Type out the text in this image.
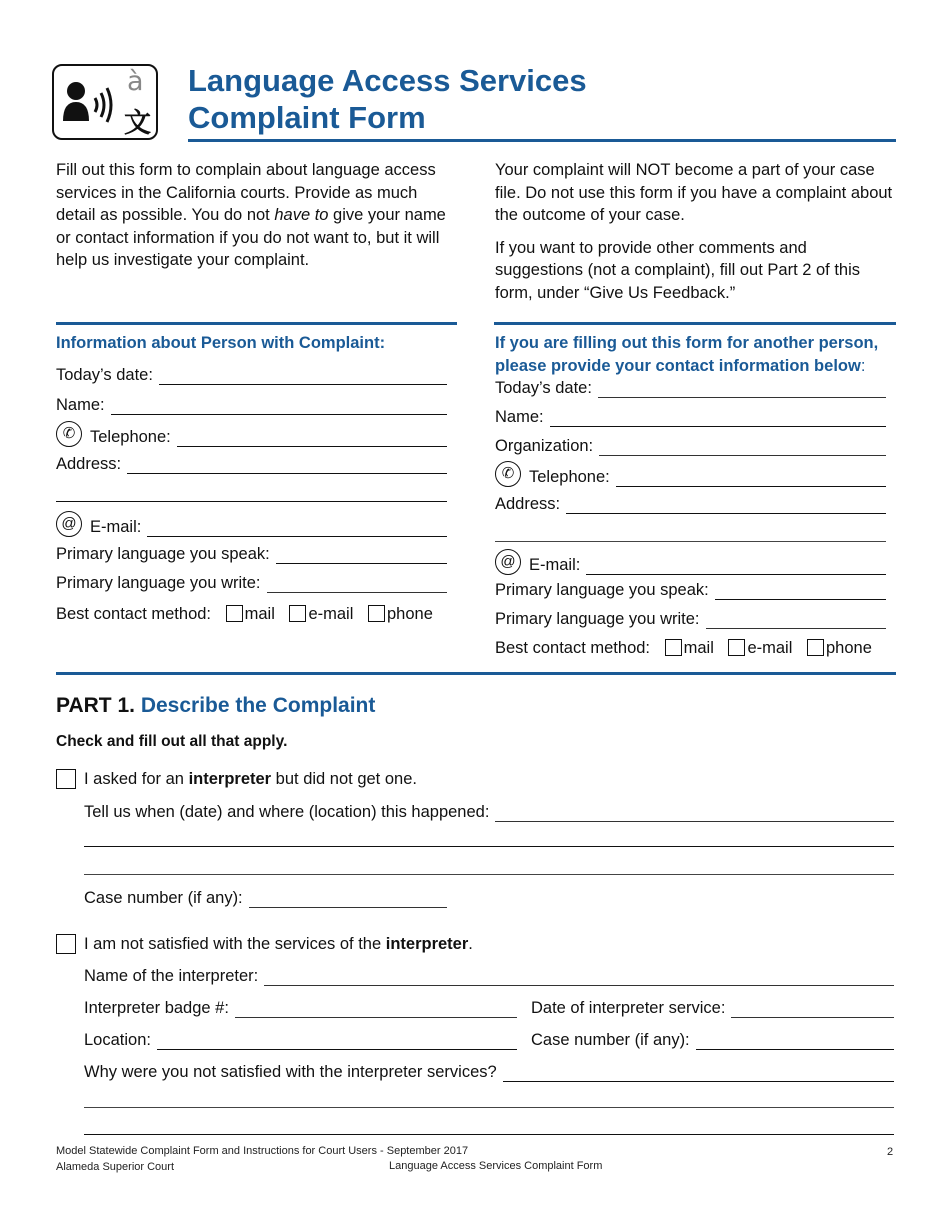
à
文
Language Access Services
Complaint Form

Fill out this form to complain about language access services in the California courts. Provide as much detail as possible. You do not have to give your name or contact information if you do not want to, but it will help us investigate your complaint.

Your complaint will NOT become a part of your case file. Do not use this form if you have a complaint about the outcome of your case.

If you want to provide other comments and suggestions (not a complaint), fill out Part 2 of this form, under “Give Us Feedback.”

Information about Person with Complaint:
Today’s date:
Name:
✆ Telephone:
Address:
@ E-mail:
Primary language you speak:
Primary language you write:
Best contact method: mail e-mail phone
If you are filling out this form for another person,
please provide your contact information below:
Today’s date:
Name:
Organization:
✆ Telephone:
Address:
@ E-mail:
Primary language you speak:
Primary language you write:
Best contact method: mail e-mail phone
PART 1. Describe the Complaint
Check and fill out all that apply.
I asked for an interpreter but did not get one.
Tell us when (date) and where (location) this happened:
Case number (if any):
I am not satisfied with the services of the interpreter.
Name of the interpreter:
Interpreter badge #:	Date of interpreter service:
Location:	Case number (if any):
Why were you not satisfied with the interpreter services?
Model Statewide Complaint Form and Instructions for Court Users - September 2017
Alameda Superior Court	Language Access Services Complaint Form
2
